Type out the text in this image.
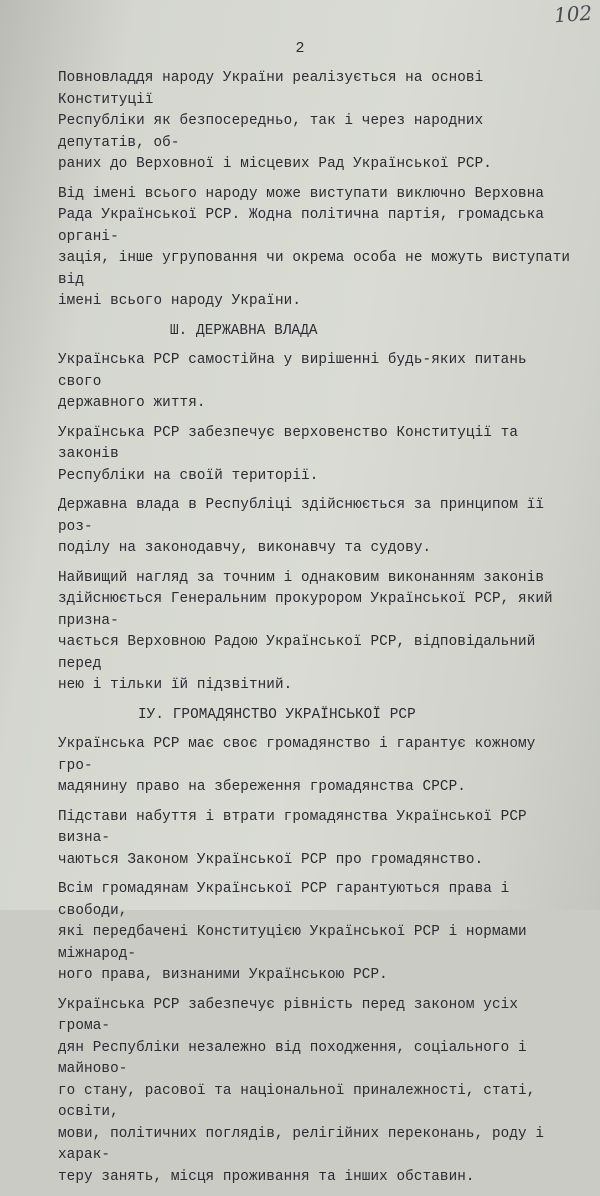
102
2

Повновладдя народу України реалізується на основі Конституції
Республіки як безпосередньо, так і через народних депутатів, об-
раних до Верховної і місцевих Рад Української РСР.

Від імені всього народу може виступати виключно Верховна
Рада Української РСР. Жодна політична партія, громадська органі-
зація, інше угруповання чи окрема особа не можуть виступати від
імені всього народу України.

Ш. ДЕРЖАВНА ВЛАДА

Українська РСР самостійна у вирішенні будь-яких питань свого
державного життя.

Українська РСР забезпечує верховенство Конституції та законів
Республіки на своїй території.

Державна влада в Республіці здійснюється за принципом її роз-
поділу на законодавчу, виконавчу та судову.

Найвищий нагляд за точним і однаковим виконанням законів
здійснюється Генеральним прокурором Української РСР, який призна-
чається Верховною Радою Української РСР, відповідальний перед
нею і тільки їй підзвітний.

IУ. ГРОМАДЯНСТВО УКРАЇНСЬКОЇ РСР

Українська РСР має своє громадянство і гарантує кожному гро-
мадянину право на збереження громадянства СРСР.

Підстави набуття і втрати громадянства Української РСР визна-
чаються Законом Української РСР про громадянство.

Всім громадянам Української РСР гарантуються права і свободи,
які передбачені Конституцією Української РСР і нормами міжнарод-
ного права, визнаними Українською РСР.

Українська РСР забезпечує рівність перед законом усіх грома-
дян Республіки незалежно від походження, соціального і майново-
го стану, расової та національної приналежності, статі, освіти,
мови, політичних поглядів, релігійних переконань, роду і харак-
теру занять, місця проживання та інших обставин.
